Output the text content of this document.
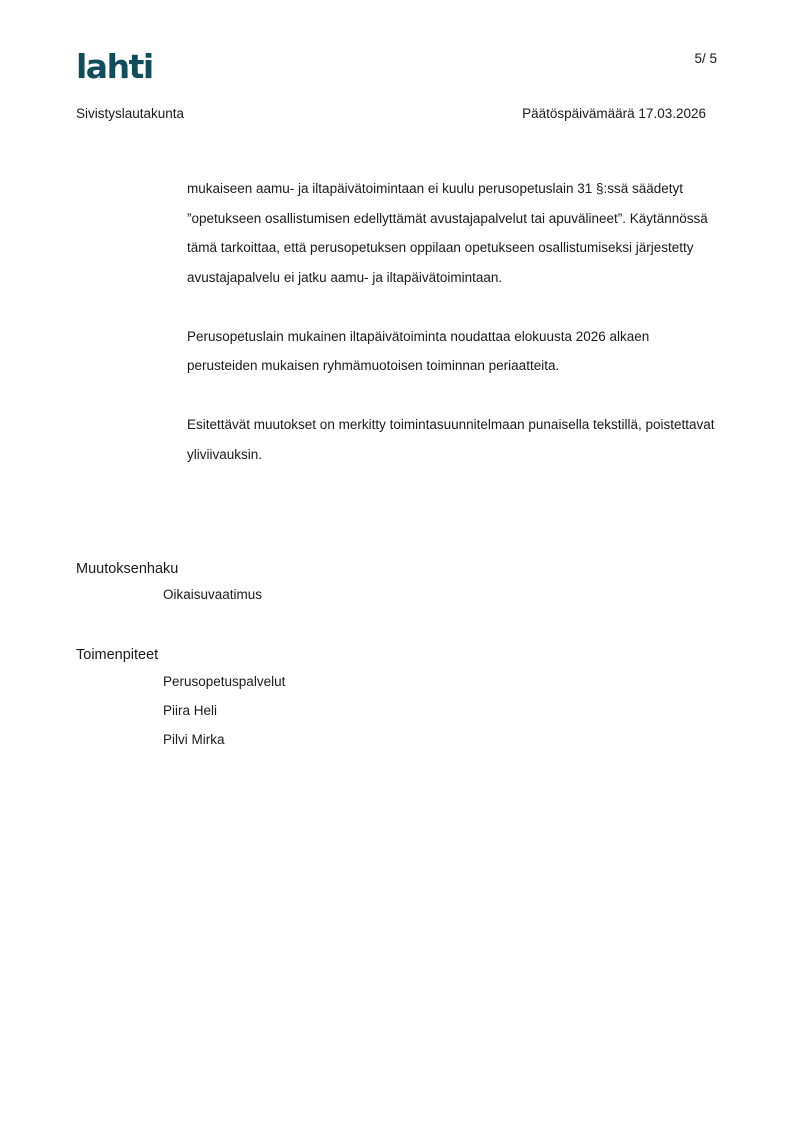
lahti	5/ 5
Sivistyslautakunta	Päätöspäivämäärä 17.03.2026

mukaiseen aamu- ja iltapäivätoimintaan ei kuulu perusopetuslain 31 §:ssä säädetyt ”opetukseen osallistumisen edellyttämät avustajapalvelut tai apuvälineet”. Käytännössä tämä tarkoittaa, että perusopetuksen oppilaan opetukseen osallistumiseksi järjestetty avustajapalvelu ei jatku aamu- ja iltapäivätoimintaan.

Perusopetuslain mukainen iltapäivätoiminta noudattaa elokuusta 2026 alkaen perusteiden mukaisen ryhmämuotoisen toiminnan periaatteita.

Esitettävät muutokset on merkitty toimintasuunnitelmaan punaisella tekstillä, poistettavat yliviivauksin.

Muutoksenhaku
Oikaisuvaatimus
Toimenpiteet
Perusopetuspalvelut
Piira Heli
Pilvi Mirka
